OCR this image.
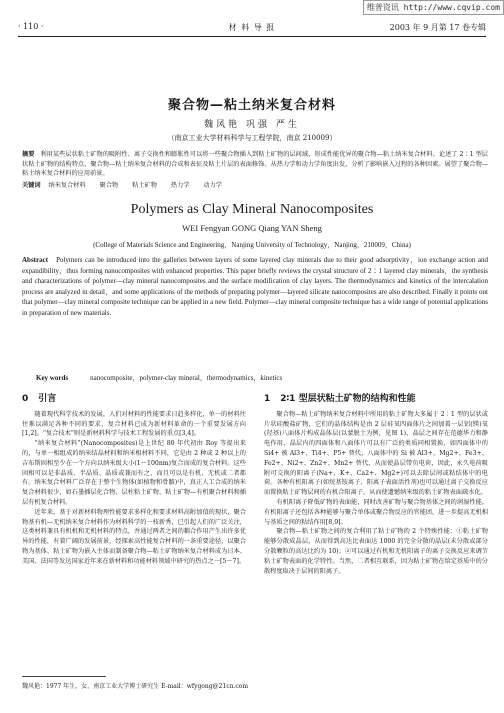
维普资讯 http://www.cqvip.com
· 110 ·	材 料 导 报	2003 年 9 月第 17 卷专辑
聚合物—粘土纳米复合材料
魏风艳 巩强 严生
（南京工业大学材料科学与工程学院，南京 210009）
摘要 利用某些层状粘土矿物的吸附性、离子交换性和膨胀性可以将一些聚合物插入到粘土矿物的层间域，形成性能优异的聚合物—粘土纳米复合材料。论述了 2∶1 型层状粘土矿物的结构特点，聚合物—粘土纳米复合材料的合成和表征及粘土片层的表面修饰。从热力学和动力学角度出发，分析了影响嵌入过程的各种因素。展望了聚合物—粘土纳米复合材料的应用前景。
关键词 纳米复合材料 聚合物 粘土矿物 热力学 动力学
Polymers as Clay Mineral Nanocomposites
WEI Fengyan GONG Qiang YAN Sheng
(College of Materials Science and Engineering，Nanjing University of Technology，Nanjing，210009，China)
Abstract Polymers can be introduced into the galleries between layers of some layered clay minerals due to their good adsorptivity，ion exchange action and expandibility，thus forming nanocomposites with enhanced properties. This paper briefly reviews the crystal structure of 2∶1 layered clay minerals，the synthesis and characterizations of polymer—clay mineral nanocomposites and the surface modification of clay layers. The thermodynamics and kinetics of the intercalation process are analyzed in detail，and some applications of the methods of preparing polymer—layered silicate nanocomposites are also described. Finally it points out that polymer—clay mineral composite technique can be applied in a new field. Polymer—clay mineral composite technique has a wide range of potential applications in preparation of new materials.
Key words	nanocomposite，polymer-clay mineral，thermodynamics，kinetics
0 引言

随着现代科学技术的发展，人们对材料的性能要求日趋多样化，单一的材料往往难以满足各种不同的要求，复合材料已成为新材料革命的一个重要发展方向[1,2]。“复合技术”则是新材料科学与技术工程发展的重点[3,4]。

“纳米复合材料”(Nanocomposites)是上世纪 80 年代初由 Roy 等提出来的，与单一相组成的纳米结晶材料和纳米相材料不同，它是由 2 种或 2 种以上的吉布斯固相至少在一个方向以纳米级大小(1～100nm)复合而成的复合材料。这些固相可以是非晶质、半晶质、晶质或兼而有之，而且可以是有机、无机或二者都有。纳米复合材料广泛存在于整个生物体(如植物和骨骼)中，真正人工合成的纳米复合材料很少，如石墨插层化合物、层柱粘土矿物、粘土矿物—有机聚合材料和插层有机复合材料。

近年来，基于对新材料物理性能要求多样化和要求材料高附加值的现状，聚合物基有机—无机纳米复合材料作为材料科学的一枝新秀，已引起人们的广泛关注，这类材料兼具有机机和无机材料的特点，并通过两者之间的耦合作用产生出许多优异的性能，有着广阔的发展前景，经探索高性能复合材料的一条重要途径，以聚合物为基体、粘土矿物为嵌入主体而制备聚合物—粘土矿物纳米复合材料成为日本、美国、法国等发达国家近年来在新材料和功能材料领域中研究的热点之一[5～7]。

1 2∶1 型层状粘土矿物的结构和性能

聚合物—粘土矿物纳米复合材料中所用的粘土矿物大多属于 2∶1 型的层状或片状硅酸盐矿物，它们的晶体结构是由 2 层硅氧四面体片之间加着一层铝(镁)氧(羟基)八面体片构成晶体层(以蒙脱土为例，见图 1)，晶层之间存在范德华力和静电作用，晶层内的四面体和八面体片可以有广泛的类质同相置换，如四面体中的 Si4+ 被 Al3+、Ti4+、P5+ 替代，八面体中的 Si 被 Al3+、Mg2+、Fe3+、Fe2+、Ni2+、Zn2+、Mn2+ 替代，从而使晶层带负电荷，因此，永久电荷吸附可交换的阳离子(Na+、K+、Ca2+、Mg2+)可以去除层间或粘结体中的电荷。各种有机阳离子(如烷基铵离子、阳离子表面活性剂)也可以通过离子交换反应而置换粘土矿物层间的有机合阳离子，从而使遗憾纳米级的粘土矿物表面疏水化。

有机阳离子降低矿物的表面能，同时改善矿物与聚合物基体之间的润湿性能。有机阳离子还包括各种能够与聚合单体或聚合物反应的官能团，进一步提高无机相与基质之间的粘结作用[8,9]。

聚合物—粘土矿物之间的复合利用了粘土矿物的 2 个特殊性能：①粘土矿物能够分散成晶层，从而得到高达比表面达 1000 的完全分散的晶层(未分散或部分分散颗粒的高达比约为 10)；②可以通过有机和无机阳离子的离子交换反应来调节粘土矿物表面的化学特性。当然，二者相互联系，因为粘土矿物在给定基质中的分散程度取决于层间的阳离子。

魏风艳：1977 年生，女，南京工业大学博士研究生 E-mail：wfygong@21cn.com
